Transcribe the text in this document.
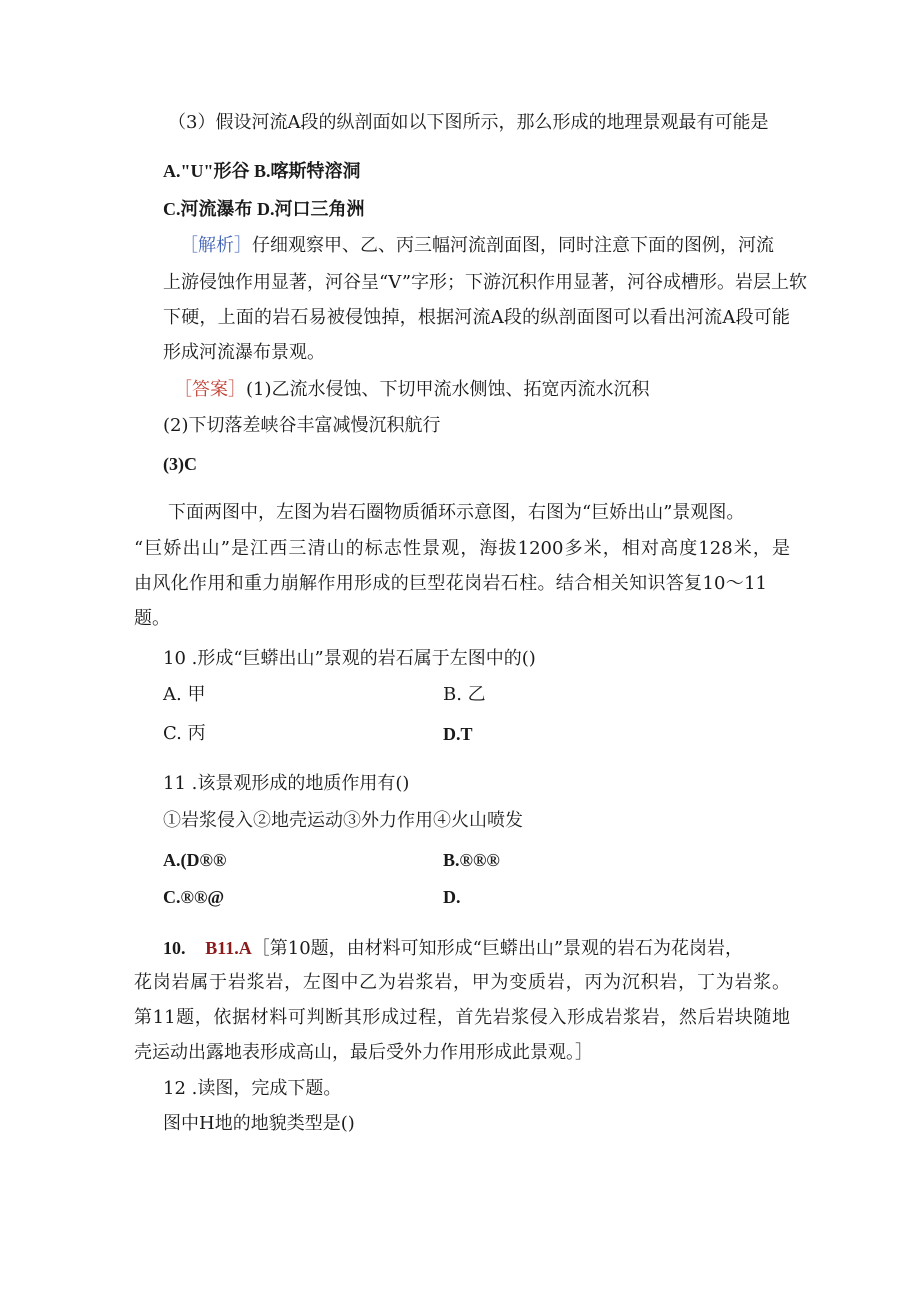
（3）假设河流A段的纵剖面如以下图所示，那么形成的地理景观最有可能是
A."U"形谷 B.喀斯特溶洞
C.河流瀑布 D.河口三角洲
［解析］仔细观察甲、乙、丙三幅河流剖面图，同时注意下面的图例，河流
上游侵蚀作用显著，河谷呈“V”字形；下游沉积作用显著，河谷成槽形。岩层上软
下硬，上面的岩石易被侵蚀掉，根据河流A段的纵剖面图可以看出河流A段可能
形成河流瀑布景观。
［答案］(1)乙流水侵蚀、下切甲流水侧蚀、拓宽丙流水沉积
(2)下切落差峡谷丰富减慢沉积航行
(3)C
下面两图中，左图为岩石圈物质循环示意图，右图为“巨娇出山”景观图。
“巨娇出山”是江西三清山的标志性景观，海拔1200多米，相对高度128米，是
由风化作用和重力崩解作用形成的巨型花岗岩石柱。结合相关知识答复10～11
题。
10 .形成“巨蟒出山”景观的岩石属于左图中的()
A. 甲	B. 乙
C. 丙	D.T
11 .该景观形成的地质作用有()
①岩浆侵入②地壳运动③外力作用④火山喷发
A.(D®®	B.®®®
C.®®@	D.
10. B11.A［第10题，由材料可知形成“巨蟒出山”景观的岩石为花岗岩，
花岗岩属于岩浆岩，左图中乙为岩浆岩，甲为变质岩，丙为沉积岩，丁为岩浆。
第11题，依据材料可判断其形成过程，首先岩浆侵入形成岩浆岩，然后岩块随地
壳运动出露地表形成高山，最后受外力作用形成此景观。］
12 .读图，完成下题。
图中H地的地貌类型是()
